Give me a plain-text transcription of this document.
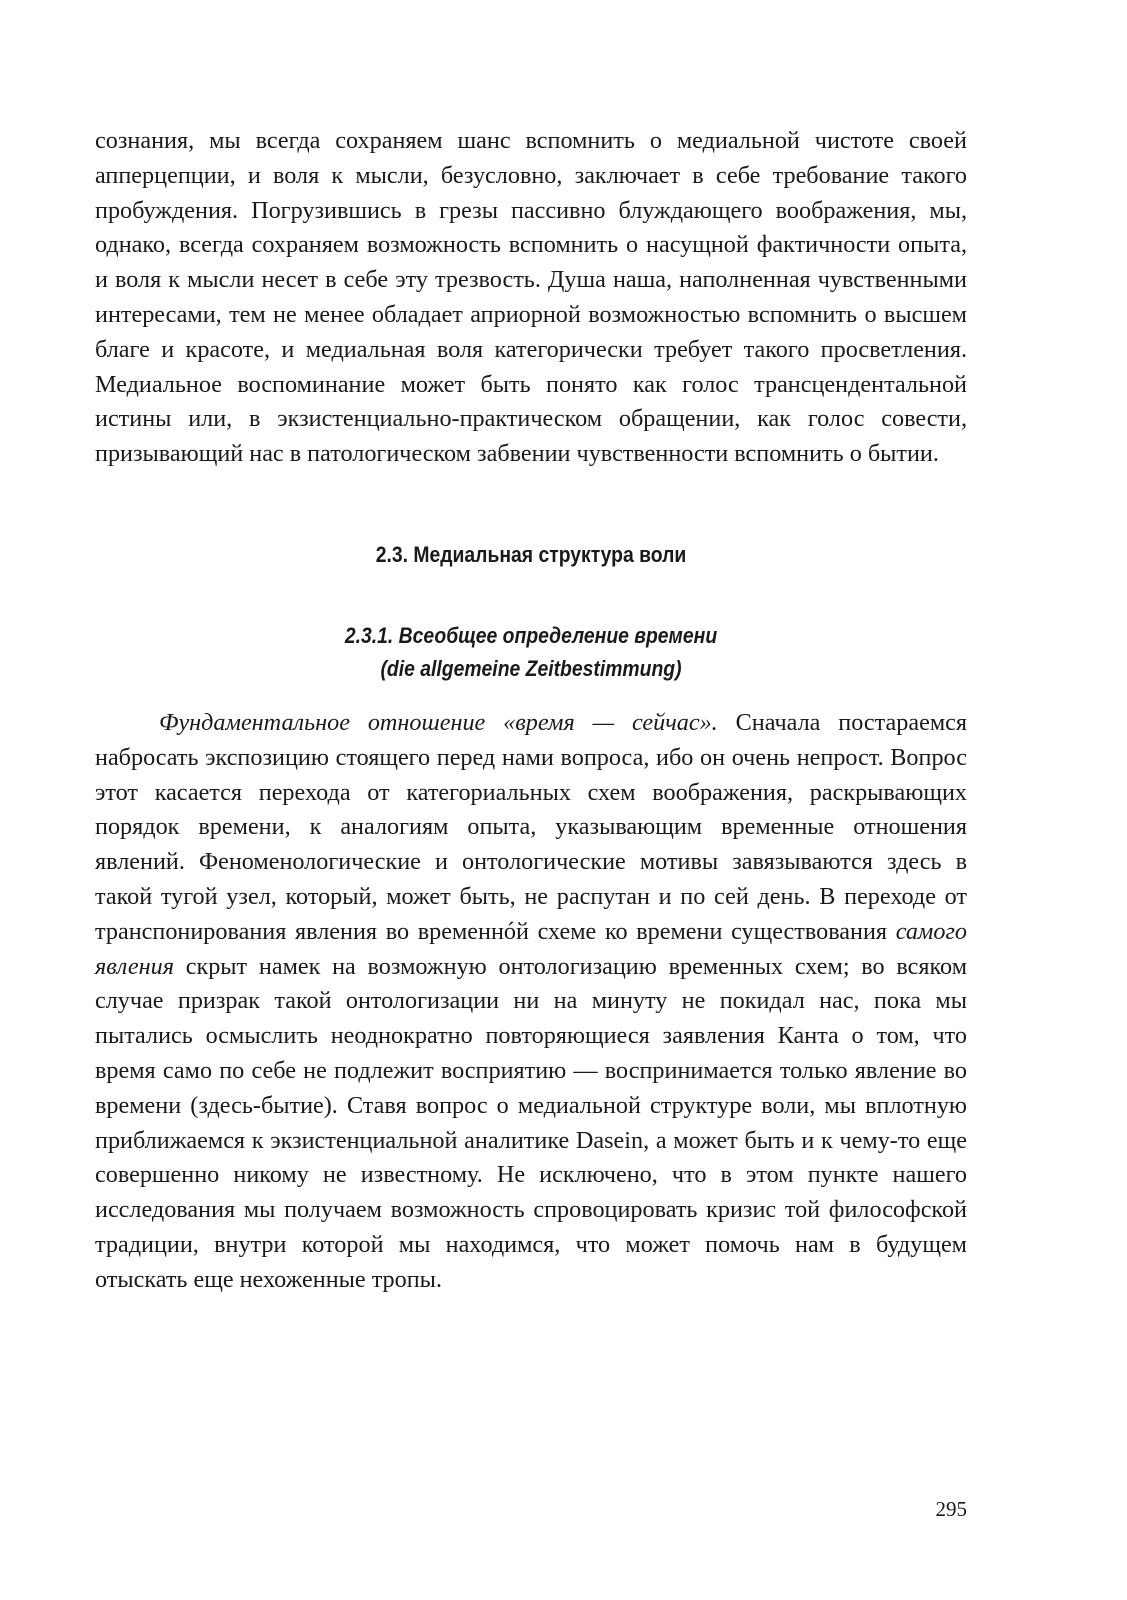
сознания, мы всегда сохраняем шанс вспомнить о медиальной чистоте своей апперцепции, и воля к мысли, безусловно, заключает в себе требование такого пробуждения. Погрузившись в грезы пассивно блуждающего воображения, мы, однако, всегда сохраняем возможность вспомнить о насущной фактичности опыта, и воля к мысли несет в себе эту трезвость. Душа наша, наполненная чувственными интересами, тем не менее обладает априорной возможностью вспомнить о высшем благе и красоте, и медиальная воля категорически требует такого просветления. Медиальное воспоминание может быть понято как голос трансцендентальной истины или, в экзистенциально-практическом обращении, как голос совести, призывающий нас в патологическом забвении чувственности вспомнить о бытии.

2.3. Медиальная структура воли
2.3.1. Всеобщее определение времени
(die allgemeine Zeitbestimmung)

Фундаментальное отношение «время — сейчас». Сначала постараемся набросать экспозицию стоящего перед нами вопроса, ибо он очень непрост. Вопрос этот касается перехода от категориальных схем воображения, раскрывающих порядок времени, к аналогиям опыта, указывающим временные отношения явлений. Феноменологические и онтологические мотивы завязываются здесь в такой тугой узел, который, может быть, не распутан и по сей день. В переходе от транспонирования явления во временнóй схеме ко времени существования самого явления скрыт намек на возможную онтологизацию временных схем; во всяком случае призрак такой онтологизации ни на минуту не покидал нас, пока мы пытались осмыслить неоднократно повторяющиеся заявления Канта о том, что время само по себе не подлежит восприятию — воспринимается только явление во времени (здесь-бытие). Ставя вопрос о медиальной структуре воли, мы вплотную приближаемся к экзистенциальной аналитике Dasein, а может быть и к чему-то еще совершенно никому не известному. Не исключено, что в этом пункте нашего исследования мы получаем возможность спровоцировать кризис той философской традиции, внутри которой мы находимся, что может помочь нам в будущем отыскать еще нехоженные тропы.

295
